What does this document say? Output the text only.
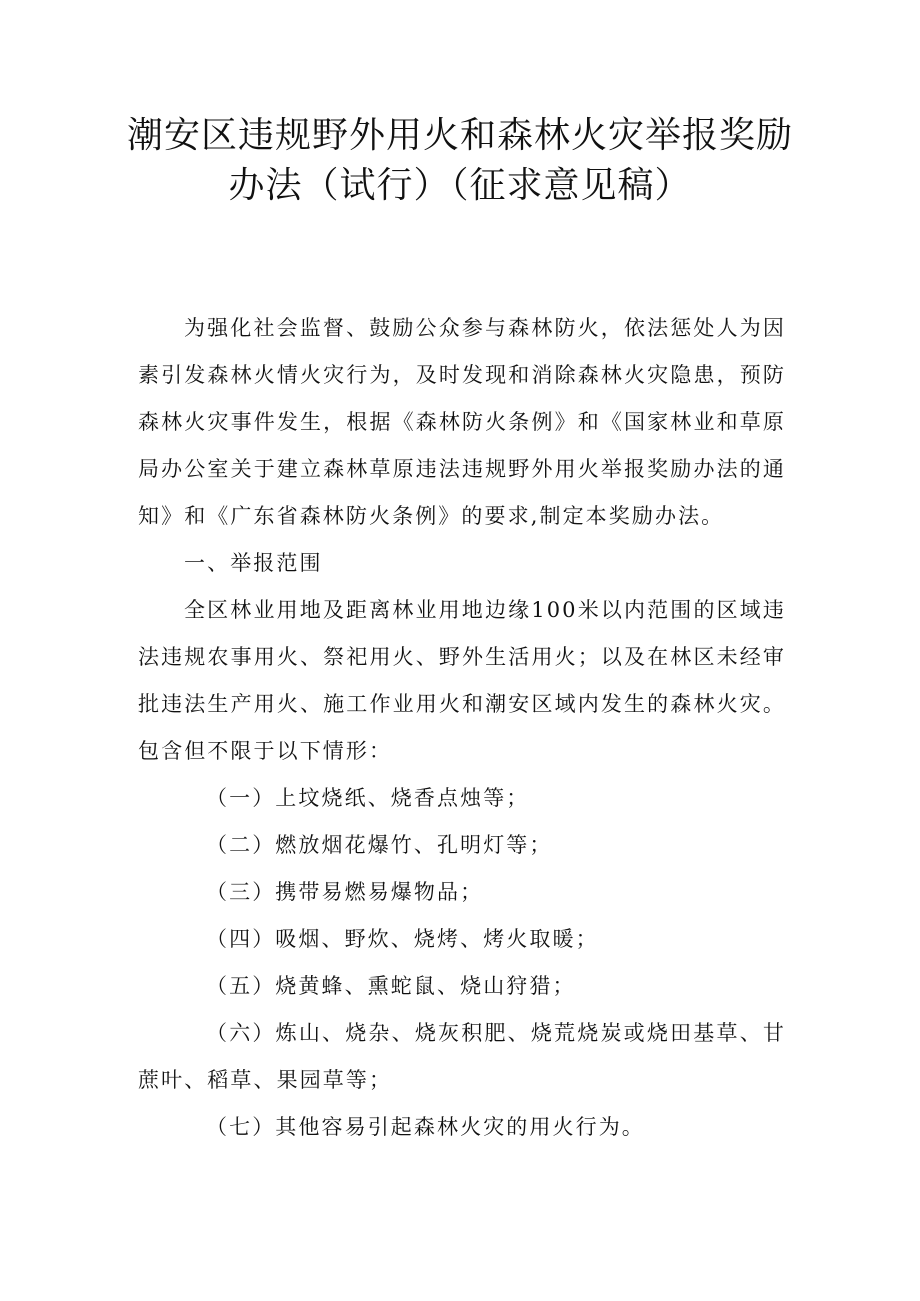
潮安区违规野外用火和森林火灾举报奖励
办法（试行）（征求意见稿）

为强化社会监督、鼓励公众参与森林防火，依法惩处人为因素引发森林火情火灾行为，及时发现和消除森林火灾隐患，预防森林火灾事件发生，根据《森林防火条例》和《国家林业和草原局办公室关于建立森林草原违法违规野外用火举报奖励办法的通知》和《广东省森林防火条例》的要求,制定本奖励办法。

一、举报范围

全区林业用地及距离林业用地边缘100米以内范围的区域违法违规农事用火、祭祀用火、野外生活用火；以及在林区未经审批违法生产用火、施工作业用火和潮安区域内发生的森林火灾。包含但不限于以下情形：

（一）上坟烧纸、烧香点烛等；

（二）燃放烟花爆竹、孔明灯等；

（三）携带易燃易爆物品；

（四）吸烟、野炊、烧烤、烤火取暖；

（五）烧黄蜂、熏蛇鼠、烧山狩猎；

（六）炼山、烧杂、烧灰积肥、烧荒烧炭或烧田基草、甘蔗叶、稻草、果园草等；

（七）其他容易引起森林火灾的用火行为。
